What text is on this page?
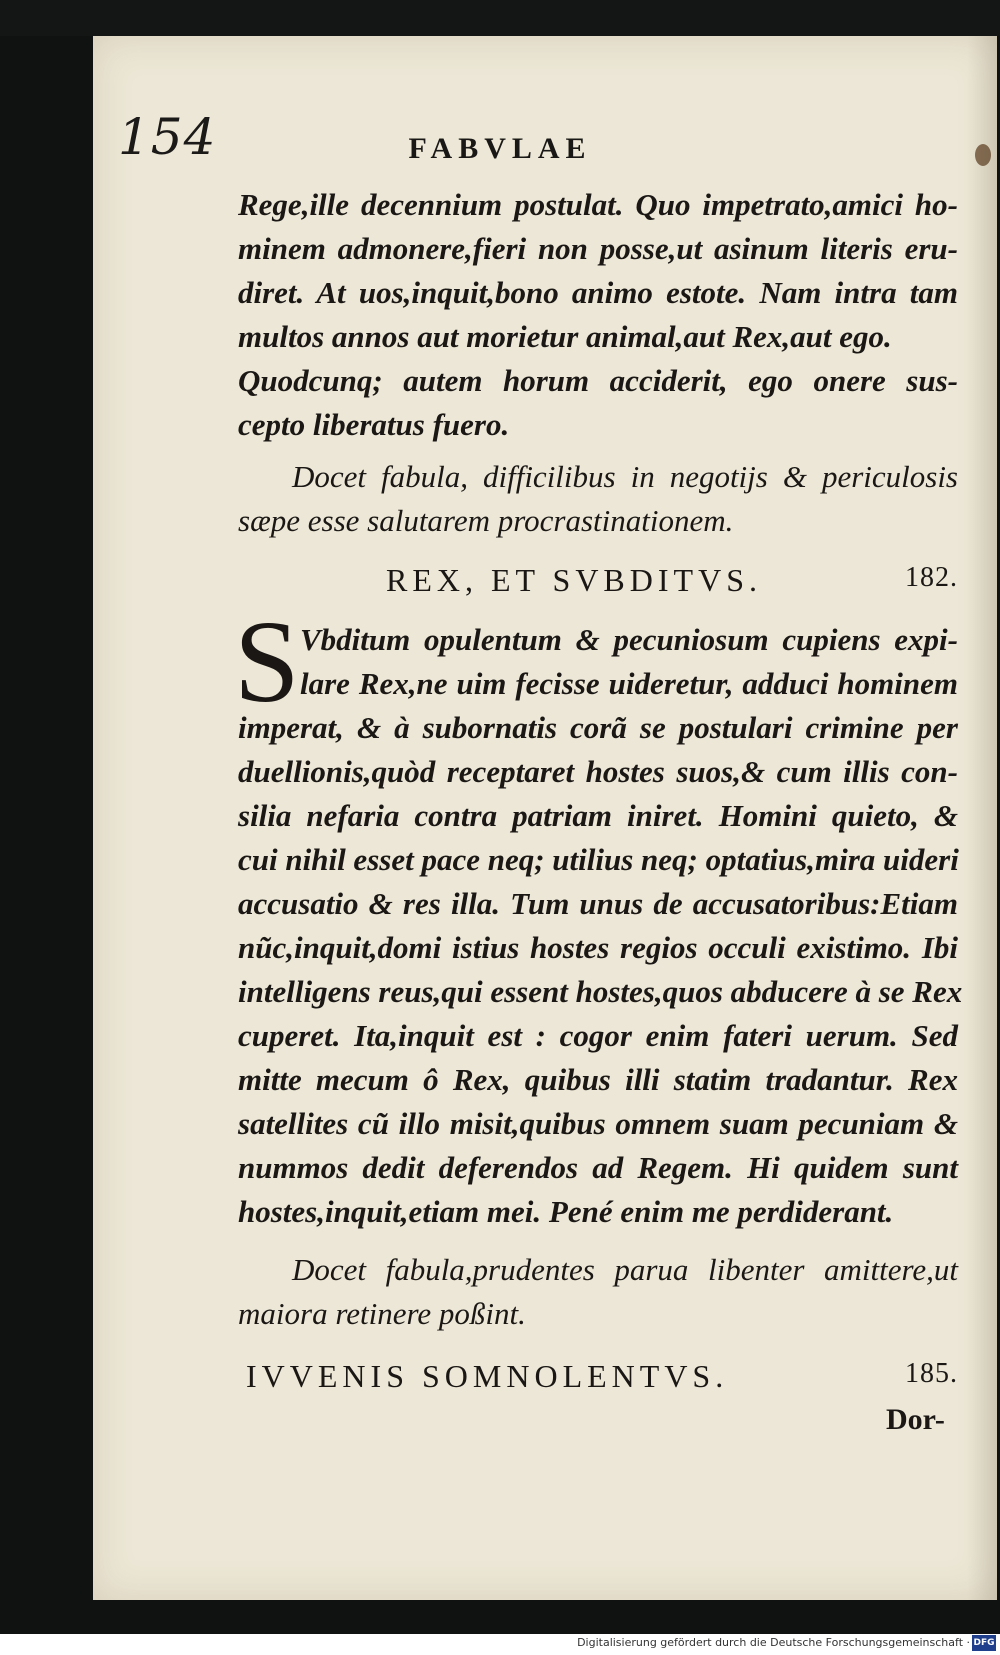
154	FABVLAE
Rege,ille decennium postulat. Quo impetrato,amici ho-
minem admonere,fieri non posse,ut asinum literis eru-
diret. At uos,inquit,bono animo estote. Nam intra tam
multos annos aut morietur animal,aut Rex,aut ego.
Quodcunq; autem horum acciderit, ego onere sus-
cepto liberatus fuero.
Docet fabula, difficilibus in negotijs & periculosis
sæpe esse salutarem procrastinationem.
REX, ET SVBDITVS.	182.
S Vbditum opulentum & pecuniosum cupiens expi-
lare Rex,ne uim fecisse uideretur, adduci hominem
imperat, & à subornatis corã se postulari crimine per
duellionis,quòd receptaret hostes suos,& cum illis con-
silia nefaria contra patriam iniret. Homini quieto, &
cui nihil esset pace neq; utilius neq; optatius,mira uideri
accusatio & res illa. Tum unus de accusatoribus:Etiam
nũc,inquit,domi istius hostes regios occuli existimo. Ibi
intelligens reus,qui essent hostes,quos abducere à se Rex
cuperet. Ita,inquit est : cogor enim fateri uerum. Sed
mitte mecum ô Rex, quibus illi statim tradantur. Rex
satellites cũ illo misit,quibus omnem suam pecuniam &
nummos dedit deferendos ad Regem. Hi quidem sunt
hostes,inquit,etiam mei. Pené enim me perdiderant.
Docet fabula,prudentes parua libenter amittere,ut
maiora retinere poßint.
IVVENIS SOMNOLENTVS.	185.
Dor-
Digitalisierung gefördert durch die Deutsche Forschungsgemeinschaft · DFG
